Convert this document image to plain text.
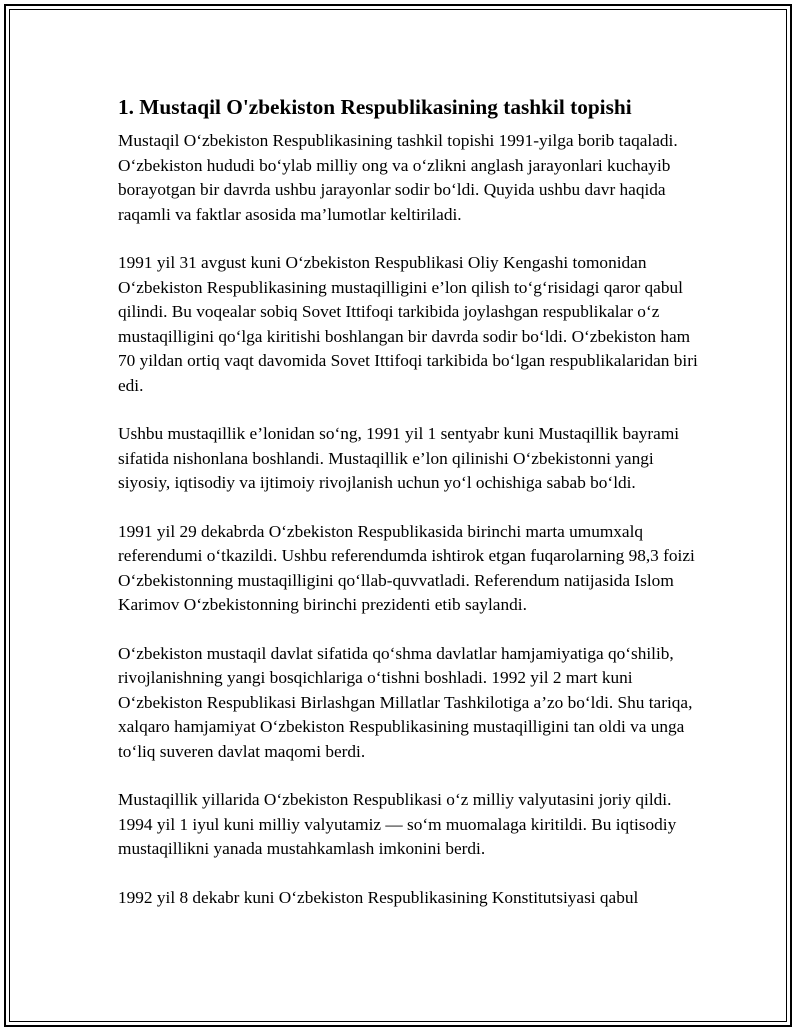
1. Mustaqil O'zbekiston Respublikasining tashkil topishi

Mustaqil O‘zbekiston Respublikasining tashkil topishi 1991-yilga borib taqaladi. O‘zbekiston hududi bo‘ylab milliy ong va o‘zlikni anglash jarayonlari kuchayib borayotgan bir davrda ushbu jarayonlar sodir bo‘ldi. Quyida ushbu davr haqida raqamli va faktlar asosida ma’lumotlar keltiriladi.

1991 yil 31 avgust kuni O‘zbekiston Respublikasi Oliy Kengashi tomonidan O‘zbekiston Respublikasining mustaqilligini e’lon qilish to‘g‘risidagi qaror qabul qilindi. Bu voqealar sobiq Sovet Ittifoqi tarkibida joylashgan respublikalar o‘z mustaqilligini qo‘lga kiritishi boshlangan bir davrda sodir bo‘ldi. O‘zbekiston ham 70 yildan ortiq vaqt davomida Sovet Ittifoqi tarkibida bo‘lgan respublikalaridan biri edi.

Ushbu mustaqillik e’lonidan so‘ng, 1991 yil 1 sentyabr kuni Mustaqillik bayrami sifatida nishonlana boshlandi. Mustaqillik e’lon qilinishi O‘zbekistonni yangi siyosiy, iqtisodiy va ijtimoiy rivojlanish uchun yo‘l ochishiga sabab bo‘ldi.

1991 yil 29 dekabrda O‘zbekiston Respublikasida birinchi marta umumxalq referendumi o‘tkazildi. Ushbu referendumda ishtirok etgan fuqarolarning 98,3 foizi O‘zbekistonning mustaqilligini qo‘llab-quvvatladi. Referendum natijasida Islom Karimov O‘zbekistonning birinchi prezidenti etib saylandi.

O‘zbekiston mustaqil davlat sifatida qo‘shma davlatlar hamjamiyatiga qo‘shilib, rivojlanishning yangi bosqichlariga o‘tishni boshladi. 1992 yil 2 mart kuni O‘zbekiston Respublikasi Birlashgan Millatlar Tashkilotiga a’zo bo‘ldi. Shu tariqa, xalqaro hamjamiyat O‘zbekiston Respublikasining mustaqilligini tan oldi va unga to‘liq suveren davlat maqomi berdi.

Mustaqillik yillarida O‘zbekiston Respublikasi o‘z milliy valyutasini joriy qildi. 1994 yil 1 iyul kuni milliy valyutamiz — so‘m muomalaga kiritildi. Bu iqtisodiy mustaqillikni yanada mustahkamlash imkonini berdi.

1992 yil 8 dekabr kuni O‘zbekiston Respublikasining Konstitutsiyasi qabul
